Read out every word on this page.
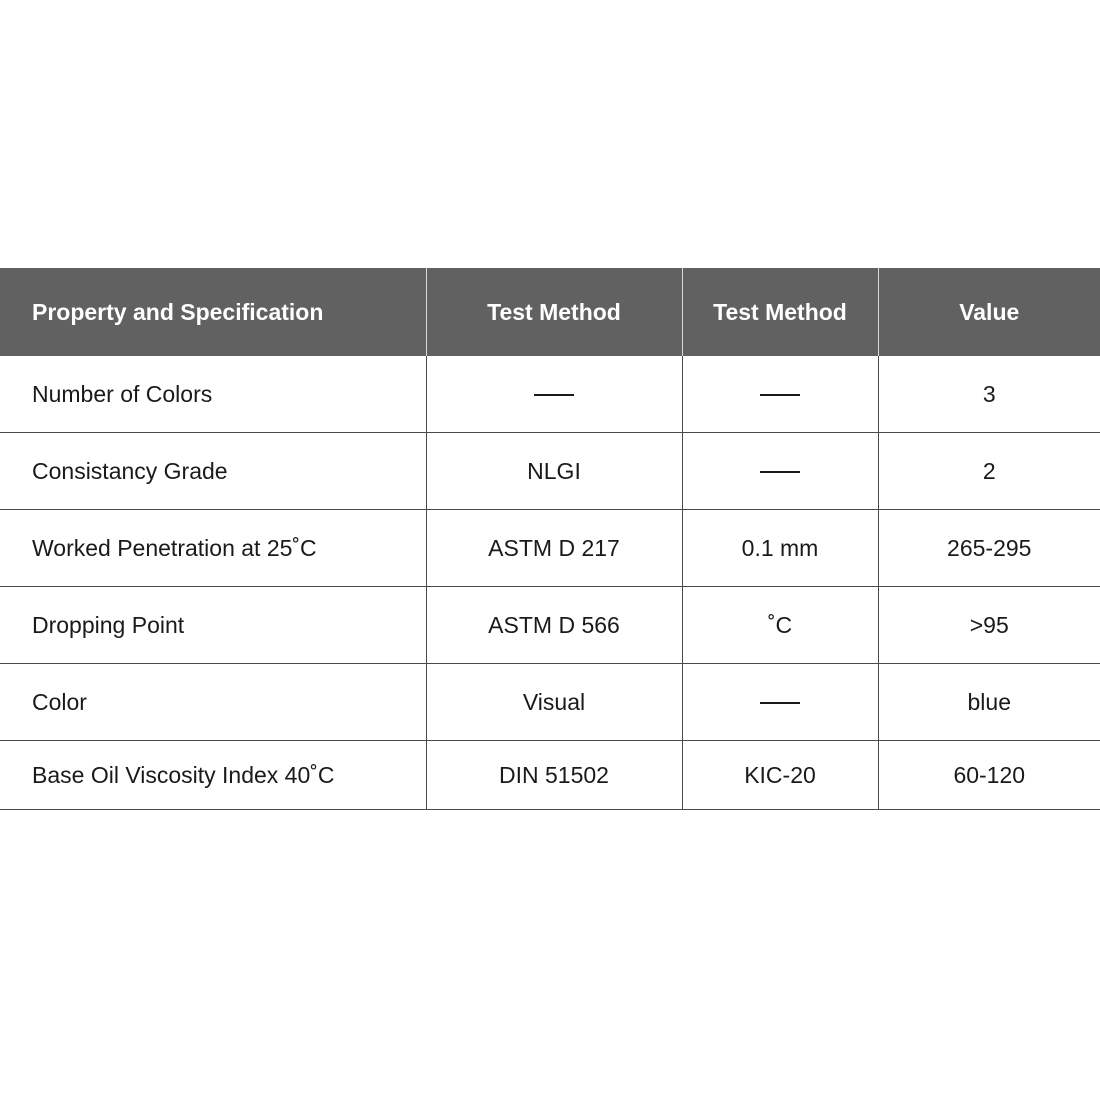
Property and Specification	Test Method	Test Method	Value
Number of Colors			3
Consistancy Grade	NLGI		2
Worked Penetration at 25˚C	ASTM D 217	0.1 mm	265-295
Dropping Point	ASTM D 566	˚C	>95
Color	Visual		blue
Base Oil Viscosity Index 40˚C	DIN 51502	KIC-20	60-120
